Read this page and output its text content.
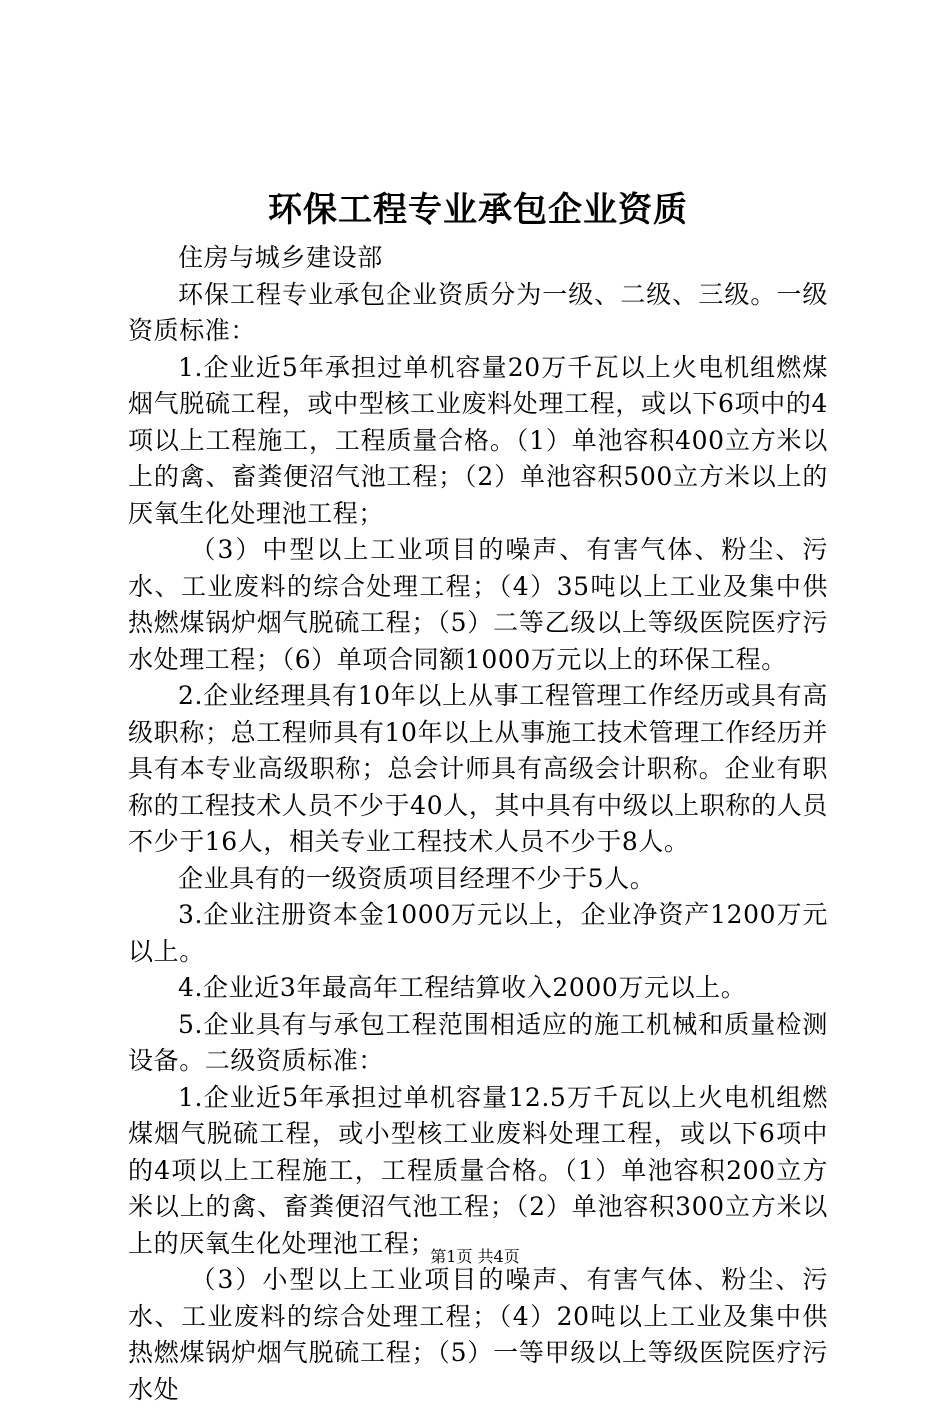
环保工程专业承包企业资质

住房与城乡建设部

环保工程专业承包企业资质分为一级、二级、三级。一级资质标准：

1.企业近5年承担过单机容量20万千瓦以上火电机组燃煤烟气脱硫工程，或中型核工业废料处理工程，或以下6项中的4项以上工程施工，工程质量合格。（1）单池容积400立方米以上的禽、畜粪便沼气池工程；（2）单池容积500立方米以上的厌氧生化处理池工程；

（3）中型以上工业项目的噪声、有害气体、粉尘、污水、工业废料的综合处理工程；（4）35吨以上工业及集中供热燃煤锅炉烟气脱硫工程；（5）二等乙级以上等级医院医疗污水处理工程；（6）单项合同额1000万元以上的环保工程。

2.企业经理具有10年以上从事工程管理工作经历或具有高级职称；总工程师具有10年以上从事施工技术管理工作经历并具有本专业高级职称；总会计师具有高级会计职称。企业有职称的工程技术人员不少于40人，其中具有中级以上职称的人员不少于16人，相关专业工程技术人员不少于8人。

企业具有的一级资质项目经理不少于5人。

3.企业注册资本金1000万元以上，企业净资产1200万元以上。

4.企业近3年最高年工程结算收入2000万元以上。

5.企业具有与承包工程范围相适应的施工机械和质量检测设备。二级资质标准：

1.企业近5年承担过单机容量12.5万千瓦以上火电机组燃煤烟气脱硫工程，或小型核工业废料处理工程，或以下6项中的4项以上工程施工，工程质量合格。（1）单池容积200立方米以上的禽、畜粪便沼气池工程；（2）单池容积300立方米以上的厌氧生化处理池工程；

（3）小型以上工业项目的噪声、有害气体、粉尘、污水、工业废料的综合处理工程；（4）20吨以上工业及集中供热燃煤锅炉烟气脱硫工程；（5）一等甲级以上等级医院医疗污水处

第1页 共4页
